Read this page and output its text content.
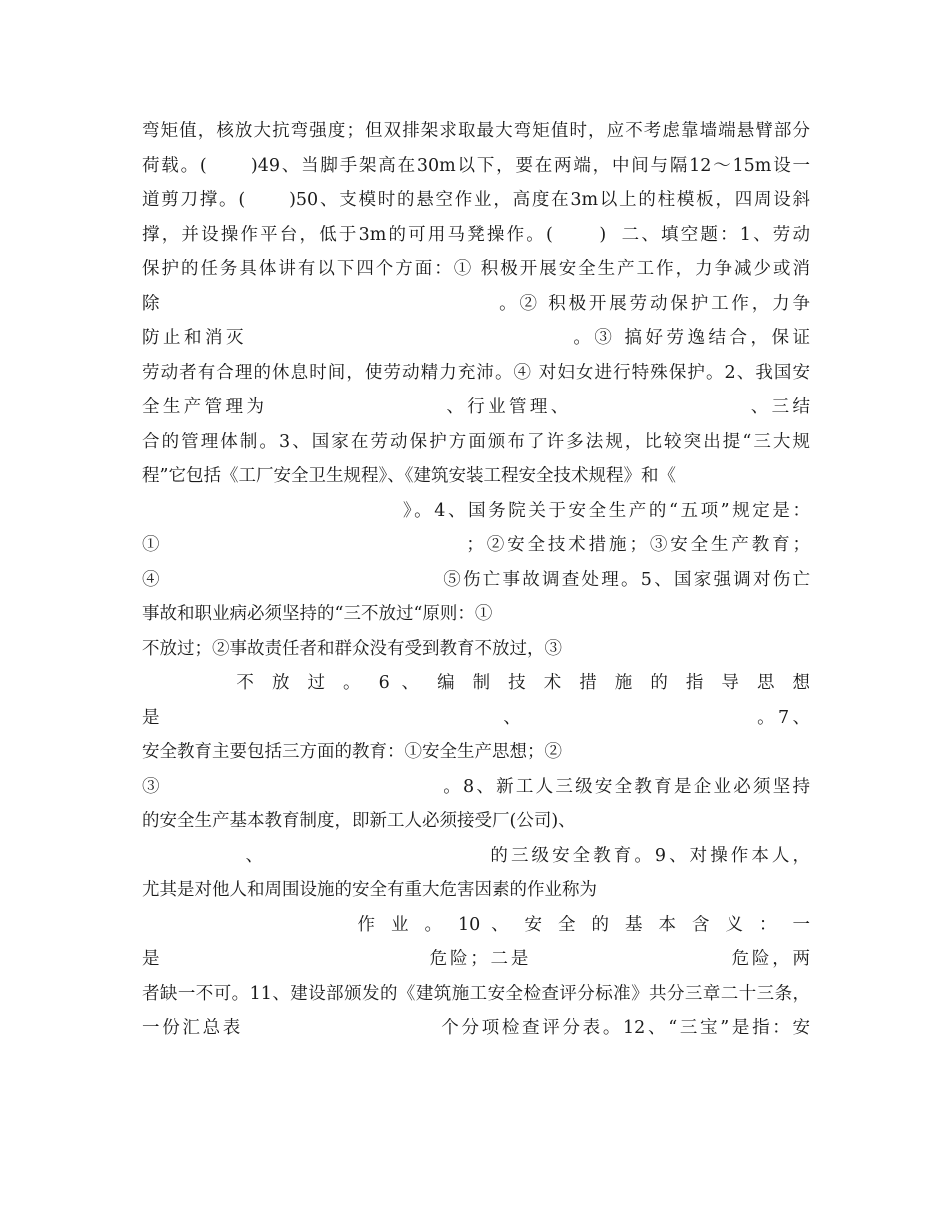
弯矩值，核放大抗弯强度；但双排架求取最大弯矩值时，应不考虑靠墙端悬臂部分
荷载。(      )49、当脚手架高在30m以下，要在两端，中间与隔12～15m设一
道剪刀撑。(      )50、支模时的悬空作业，高度在3m以上的柱模板，四周设斜
撑，并设操作平台，低于3m的可用马凳操作。(      )  二、填空题：1、劳动
保护的任务具体讲有以下四个方面：① 积极开展安全生产工作，力争减少或消
除                                        。② 积极开展劳动保护工作，力争
防止和消灭                                    。③ 搞好劳逸结合，保证
劳动者有合理的休息时间，使劳动精力充沛。④ 对妇女进行特殊保护。2、我国安
全生产管理为                    、行业管理、                    、三结
合的管理体制。3、国家在劳动保护方面颁布了许多法规，比较突出提“三大规
程”它包括《工厂安全卫生规程》、《建筑安装工程安全技术规程》和《
》。4、国务院关于安全生产的“五项”规定是：
①                                    ；②安全技术措施；③安全生产教育；
④                                    ⑤伤亡事故调查处理。5、国家强调对伤亡
事故和职业病必须坚持的“三不放过“原则：①
不放过；②事故责任者和群众没有受到教育不放过，③
不 放 过 。 6 、 编 制 技 术 措 施 的 指 导 思 想
是                                      、                          。7、
安全教育主要包括三方面的教育：①安全生产思想；②
③                                    。8、新工人三级安全教育是企业必须坚持
的安全生产基本教育制度，即新工人必须接受厂(公司)、
、                          的三级安全教育。9、对操作本人，
尤其是对他人和周围设施的安全有重大危害因素的作业称为
作 业 。 10 、 安 全 的 基 本 含 义 ： 一
是                                危险；二是                        危险，两
者缺一不可。11、建设部颁发的《建筑施工安全检查评分标准》共分三章二十三条，
一份汇总表                        个分项检查评分表。12、“三宝”是指：安
